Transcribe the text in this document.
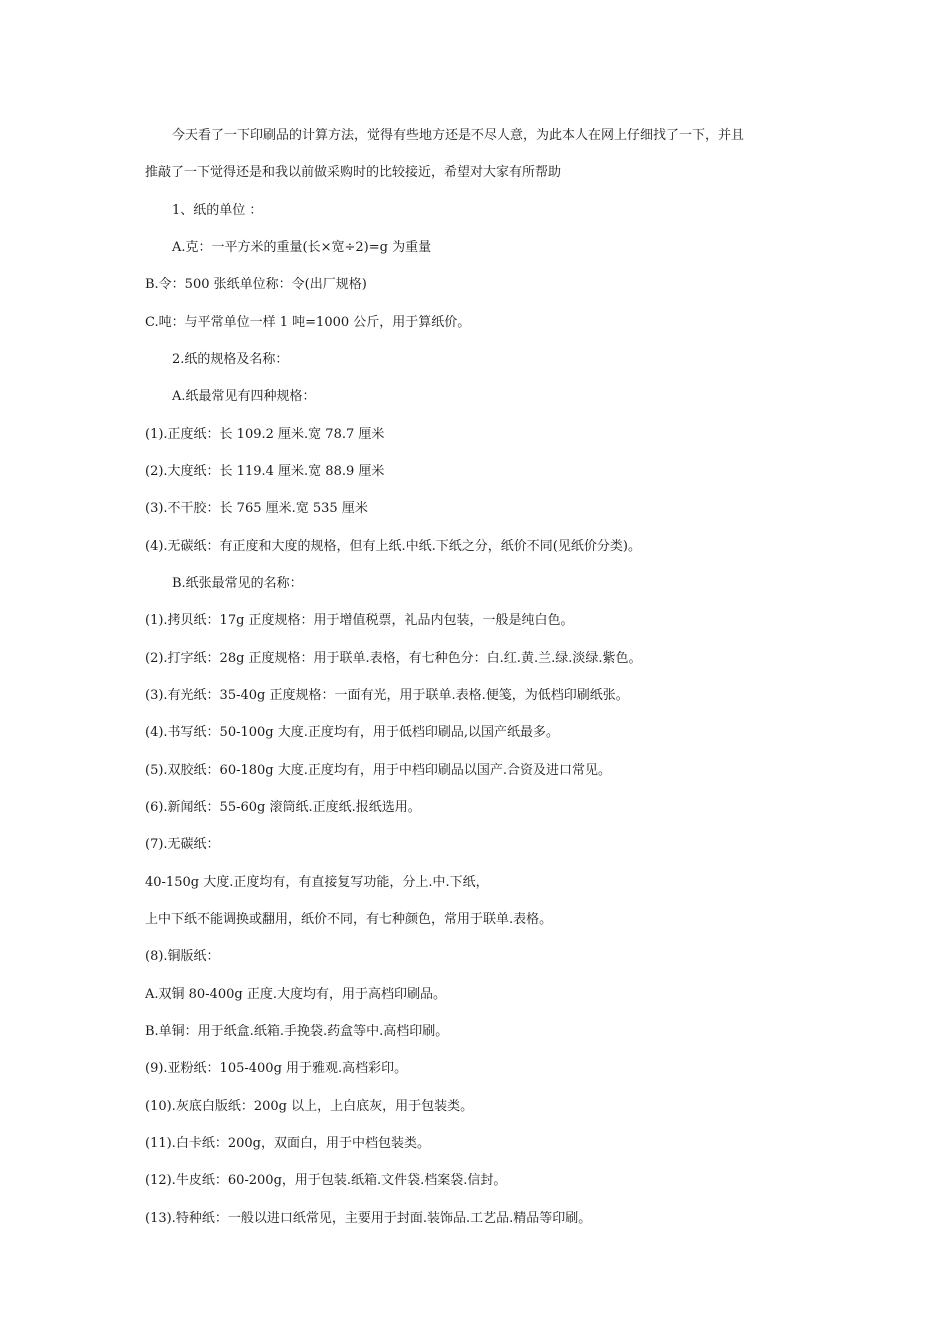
今天看了一下印刷品的计算方法，觉得有些地方还是不尽人意，为此本人在网上仔细找了一下，并且
推敲了一下觉得还是和我以前做采购时的比较接近，希望对大家有所帮助
1、纸的单位 ：
A.克：一平方米的重量(长×宽÷2)=g 为重量
B.令：500 张纸单位称：令(出厂规格)
C.吨：与平常单位一样 1 吨=1000 公斤，用于算纸价。
2.纸的规格及名称：
A.纸最常见有四种规格：
(1).正度纸：长 109.2 厘米.宽 78.7 厘米
(2).大度纸：长 119.4 厘米.宽 88.9 厘米
(3).不干胶：长 765 厘米.宽 535 厘米
(4).无碳纸：有正度和大度的规格，但有上纸.中纸.下纸之分，纸价不同(见纸价分类)。
B.纸张最常见的名称：
(1).拷贝纸：17g 正度规格：用于增值税票，礼品内包装，一般是纯白色。
(2).打字纸：28g 正度规格：用于联单.表格，有七种色分：白.红.黄.兰.绿.淡绿.紫色。
(3).有光纸：35-40g 正度规格：一面有光，用于联单.表格.便笺，为低档印刷纸张。
(4).书写纸：50-100g 大度.正度均有，用于低档印刷品,以国产纸最多。
(5).双胶纸：60-180g 大度.正度均有，用于中档印刷品以国产.合资及进口常见。
(6).新闻纸：55-60g 滚筒纸.正度纸.报纸选用。
(7).无碳纸：
40-150g 大度.正度均有，有直接复写功能，分上.中.下纸，
上中下纸不能调换或翻用，纸价不同，有七种颜色，常用于联单.表格。
(8).铜版纸：
A.双铜 80-400g 正度.大度均有，用于高档印刷品。
B.单铜：用于纸盒.纸箱.手挽袋.药盒等中.高档印刷。
(9).亚粉纸：105-400g 用于雅观.高档彩印。
(10).灰底白版纸：200g 以上，上白底灰，用于包装类。
(11).白卡纸：200g，双面白，用于中档包装类。
(12).牛皮纸：60-200g，用于包装.纸箱.文件袋.档案袋.信封。
(13).特种纸：一般以进口纸常见，主要用于封面.装饰品.工艺品.精品等印刷。
